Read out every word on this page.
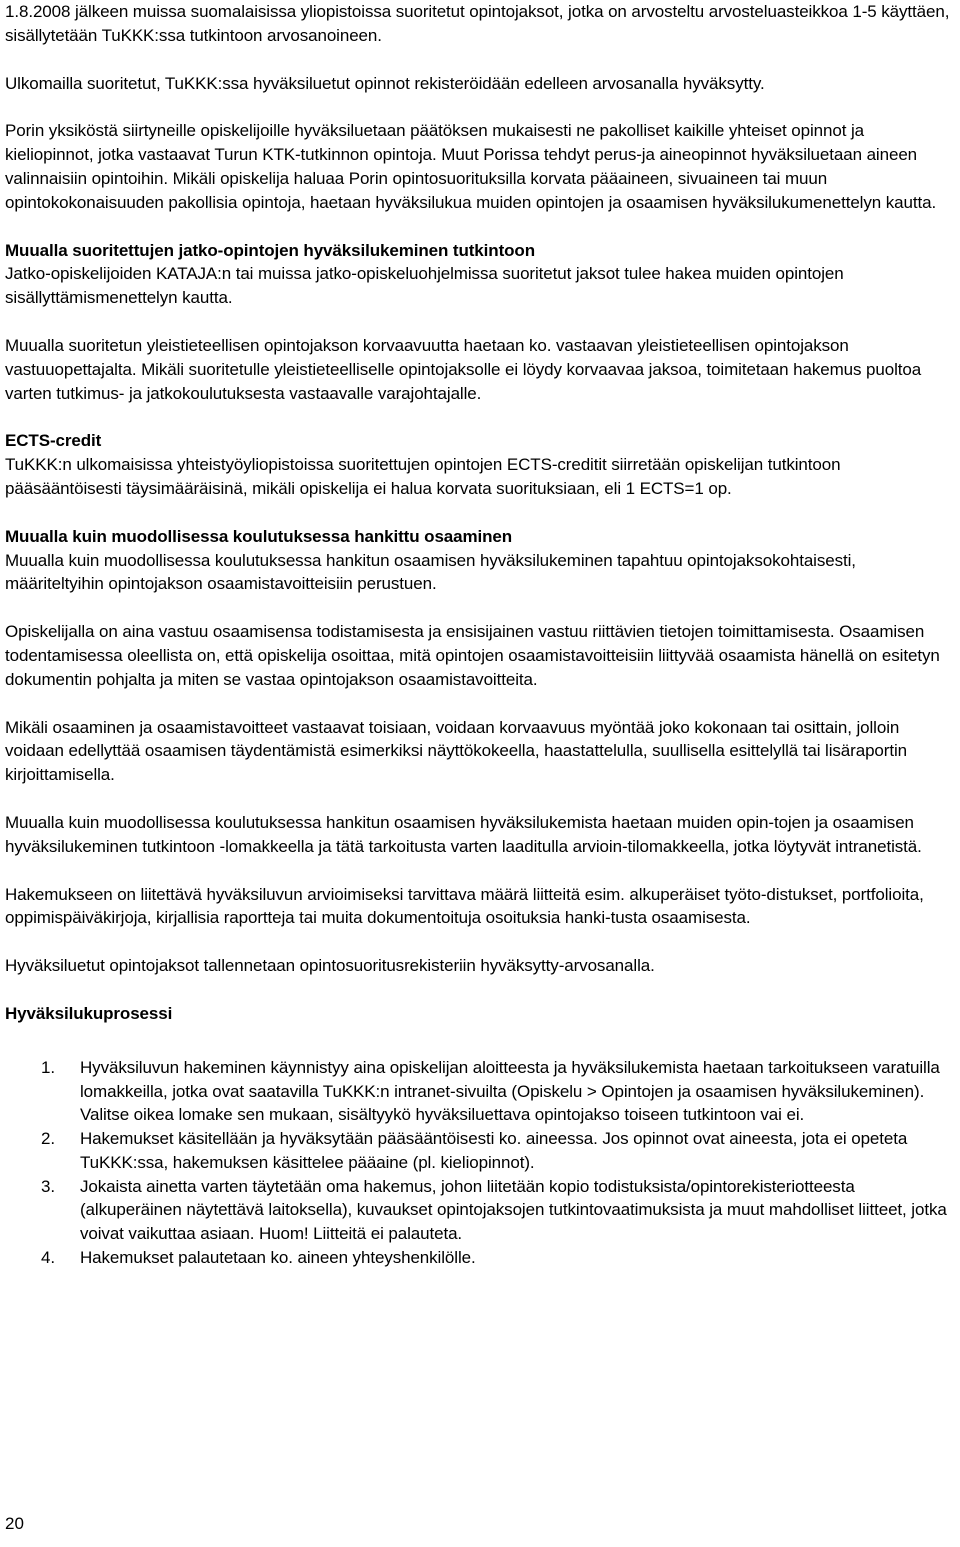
1.8.2008 jälkeen muissa suomalaisissa yliopistoissa suoritetut opintojaksot, jotka on arvosteltu arvosteluasteikkoa 1-5 käyttäen, sisällytetään TuKKK:ssa tutkintoon arvosanoineen.

Ulkomailla suoritetut, TuKKK:ssa hyväksiluetut opinnot rekisteröidään edelleen arvosanalla hyväksytty.

Porin yksiköstä siirtyneille opiskelijoille hyväksiluetaan päätöksen mukaisesti ne pakolliset kaikille yhteiset opinnot ja kieliopinnot, jotka vastaavat Turun KTK-tutkinnon opintoja. Muut Porissa tehdyt perus-ja aineopinnot hyväksiluetaan aineen valinnaisiin opintoihin. Mikäli opiskelija haluaa Porin opintosuorituksilla korvata pääaineen, sivuaineen tai muun opintokokonaisuuden pakollisia opintoja, haetaan hyväksilukua muiden opintojen ja osaamisen hyväksilukumenettelyn kautta.

Muualla suoritettujen jatko-opintojen hyväksilukeminen tutkintoon

Jatko-opiskelijoiden KATAJA:n tai muissa jatko-opiskeluohjelmissa suoritetut jaksot tulee hakea muiden opintojen sisällyttämismenettelyn kautta.

Muualla suoritetun yleistieteellisen opintojakson korvaavuutta haetaan ko. vastaavan yleistieteellisen opintojakson vastuuopettajalta. Mikäli suoritetulle yleistieteelliselle opintojaksolle ei löydy korvaavaa jaksoa, toimitetaan hakemus puoltoa varten tutkimus- ja jatkokoulutuksesta vastaavalle varajohtajalle.

ECTS-credit

TuKKK:n ulkomaisissa yhteistyöyliopistoissa suoritettujen opintojen ECTS-creditit siirretään opiskelijan tutkintoon pääsääntöisesti täysimääräisinä, mikäli opiskelija ei halua korvata suorituksiaan, eli 1 ECTS=1 op.

Muualla kuin muodollisessa koulutuksessa hankittu osaaminen

Muualla kuin muodollisessa koulutuksessa hankitun osaamisen hyväksilukeminen tapahtuu opintojaksokohtaisesti, määriteltyihin opintojakson osaamistavoitteisiin perustuen.

Opiskelijalla on aina vastuu osaamisensa todistamisesta ja ensisijainen vastuu riittävien tietojen toimittamisesta. Osaamisen todentamisessa oleellista on, että opiskelija osoittaa, mitä opintojen osaamistavoitteisiin liittyvää osaamista hänellä on esitetyn dokumentin pohjalta ja miten se vastaa opintojakson osaamistavoitteita.

Mikäli osaaminen ja osaamistavoitteet vastaavat toisiaan, voidaan korvaavuus myöntää joko kokonaan tai osittain, jolloin voidaan edellyttää osaamisen täydentämistä esimerkiksi näyttökokeella, haastattelulla, suullisella esittelyllä tai lisäraportin kirjoittamisella.

Muualla kuin muodollisessa koulutuksessa hankitun osaamisen hyväksilukemista haetaan muiden opin-tojen ja osaamisen hyväksilukeminen tutkintoon -lomakkeella ja tätä tarkoitusta varten laaditulla arvioin-tilomakkeella, jotka löytyvät intranetistä.

Hakemukseen on liitettävä hyväksiluvun arvioimiseksi tarvittava määrä liitteitä esim. alkuperäiset työto-distukset, portfolioita, oppimispäiväkirjoja, kirjallisia raportteja tai muita dokumentoituja osoituksia hanki-tusta osaamisesta.

Hyväksiluetut opintojaksot tallennetaan opintosuoritusrekisteriin hyväksytty-arvosanalla.

Hyväksilukuprosessi
1. Hyväksiluvun hakeminen käynnistyy aina opiskelijan aloitteesta ja hyväksilukemista haetaan tarkoitukseen varatuilla lomakkeilla, jotka ovat saatavilla TuKKK:n intranet-sivuilta (Opiskelu > Opintojen ja osaamisen hyväksilukeminen). Valitse oikea lomake sen mukaan, sisältyykö hyväksiluettava opintojakso toiseen tutkintoon vai ei.
2. Hakemukset käsitellään ja hyväksytään pääsääntöisesti ko. aineessa. Jos opinnot ovat aineesta, jota ei opeteta TuKKK:ssa, hakemuksen käsittelee pääaine (pl. kieliopinnot).
3. Jokaista ainetta varten täytetään oma hakemus, johon liitetään kopio todistuksista/opintorekisteriotteesta (alkuperäinen näytettävä laitoksella), kuvaukset opintojaksojen tutkintovaatimuksista ja muut mahdolliset liitteet, jotka voivat vaikuttaa asiaan. Huom! Liitteitä ei palauteta.
4. Hakemukset palautetaan ko. aineen yhteyshenkilölle.
20
